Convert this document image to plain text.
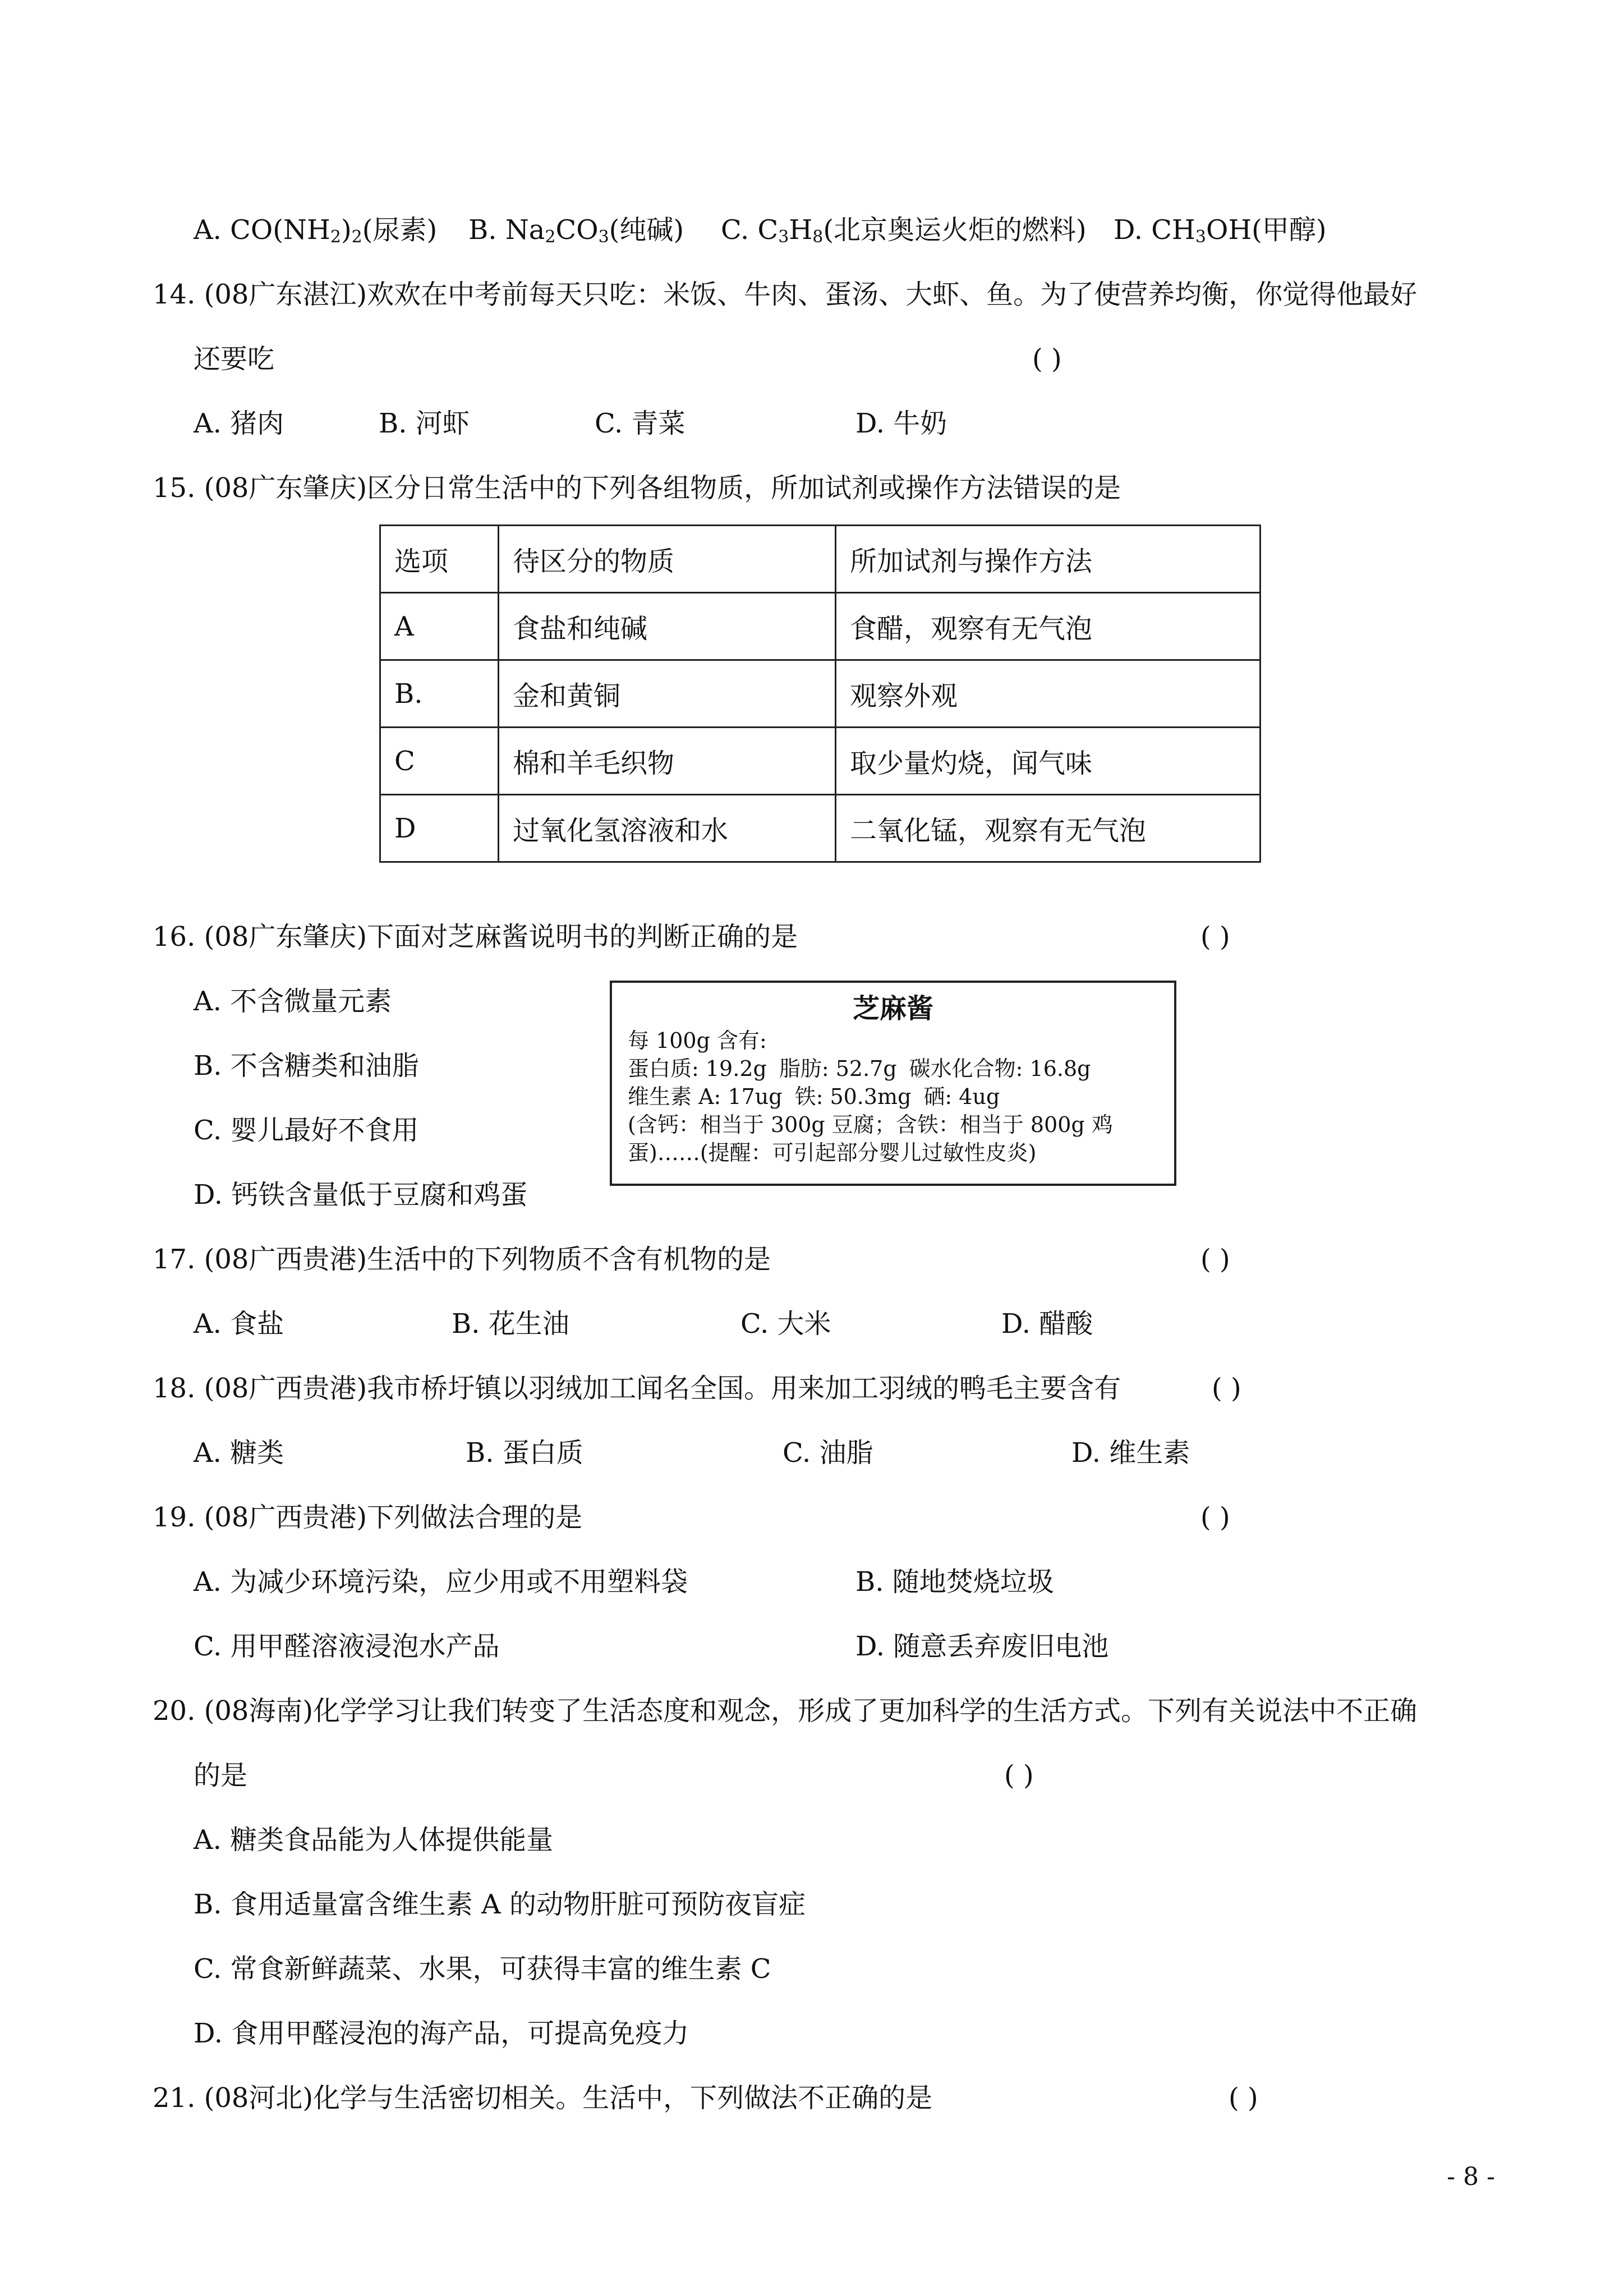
A. $CO(NH_2)_2$(尿素) B. $Na_2CO_3$(纯碱) C. $C_3H_8$(北京奥运火炬的燃料) D. $CH_3OH$(甲醇)
14. (08广东湛江)欢欢在中考前每天只吃：米饭、牛肉、蛋汤、大虾、鱼。为了使营养均衡，你觉得他最好
还要吃	( )
A. 猪肉	B. 河虾	C. 青菜	D. 牛奶
15. (08广东肇庆)区分日常生活中的下列各组物质，所加试剂或操作方法错误的是
选项	待区分的物质	所加试剂与操作方法
A	食盐和纯碱	食醋，观察有无气泡
B.	金和黄铜	观察外观
C	棉和羊毛织物	取少量灼烧，闻气味
D	过氧化氢溶液和水	二氧化锰，观察有无气泡
16. (08广东肇庆)下面对芝麻酱说明书的判断正确的是	( )
A. 不含微量元素
B. 不含糖类和油脂
C. 婴儿最好不食用
D. 钙铁含量低于豆腐和鸡蛋
芝麻酱
每 100g 含有:
蛋白质: 19.2g 脂肪: 52.7g 碳水化合物: 16.8g
维生素 A: 17ug 铁: 50.3mg 硒: 4ug
(含钙：相当于 300g 豆腐；含铁：相当于 800g 鸡
蛋)……(提醒：可引起部分婴儿过敏性皮炎)
17. (08广西贵港)生活中的下列物质不含有机物的是	( )
A. 食盐	B. 花生油	C. 大米	D. 醋酸
18. (08广西贵港)我市桥圩镇以羽绒加工闻名全国。用来加工羽绒的鸭毛主要含有	( )
A. 糖类	B. 蛋白质	C. 油脂	D. 维生素
19. (08广西贵港)下列做法合理的是	( )
A. 为减少环境污染，应少用或不用塑料袋	B. 随地焚烧垃圾
C. 用甲醛溶液浸泡水产品	D. 随意丢弃废旧电池
20. (08海南)化学学习让我们转变了生活态度和观念，形成了更加科学的生活方式。下列有关说法中不正确
的是	( )
A. 糖类食品能为人体提供能量
B. 食用适量富含维生素 A 的动物肝脏可预防夜盲症
C. 常食新鲜蔬菜、水果，可获得丰富的维生素 C
D. 食用甲醛浸泡的海产品，可提高免疫力
21. (08河北)化学与生活密切相关。生活中，下列做法不正确的是	( )
- 8 -
